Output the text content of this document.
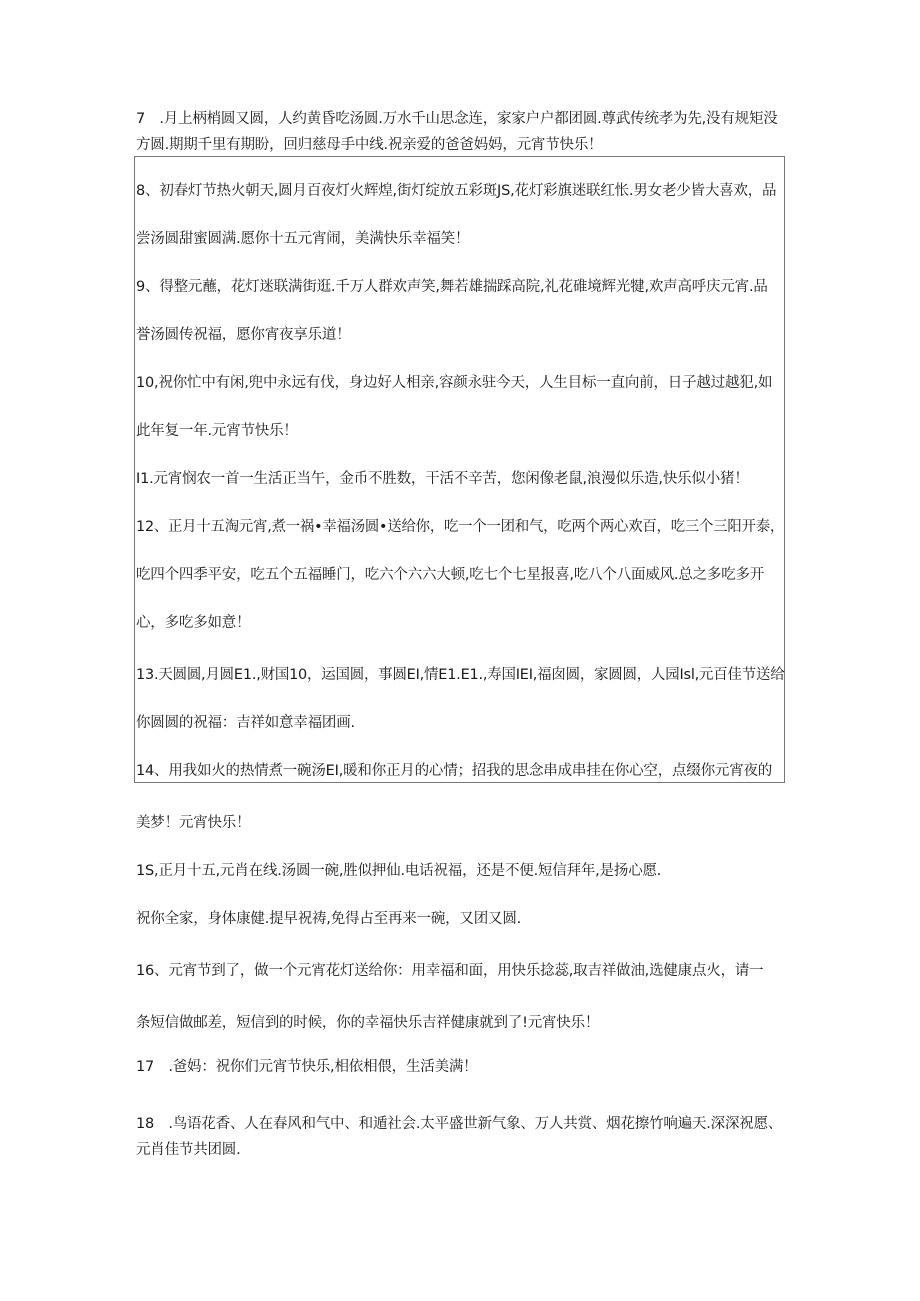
7　.月上柄梢圆又圆，人约黄昏吃汤圆.万水千山思念连，家家户户都团圆.尊武传统孝为先,没有规矩没
方圆.期期千里有期盼，回归慈母手中线.祝亲爱的爸爸妈妈，元宵节快乐！
8、初春灯节热火朝天,圆月百夜灯火辉煌,街灯绽放五彩斑JS,花灯彩旗迷联红怅.男女老少皆大喜欢，品
尝汤圆甜蜜圆满.愿你十五元宵闹，美满快乐幸福笑！
9、得整元蘸，花灯迷联满街逛.千万人群欢声笑,舞若雄揣踩高院,礼花碓境辉光犍,欢声高呼庆元宵.品
誉汤圆传祝福，愿你宵夜享乐道！
10,祝你忙中有闲,兜中永远有伐，身边好人相亲,容颜永驻今天，人生目标一直向前，日子越过越犯,如
此年复一年.元宵节快乐！
I1.元宵悯农一首一生活正当午，金币不胜数，干活不辛苦，您闲像老鼠,浪漫似乐造,快乐似小猪！
12、正月十五淘元宵,煮一祸•幸福汤圆•送给你，吃一个一团和气，吃两个两心欢百，吃三个三阳开泰，
吃四个四季平安，吃五个五福睡门，吃六个六六大顿,吃七个七星报喜,吃八个八面威风.总之多吃多开
心，多吃多如意！
13.天圆圆,月圆E1.,财国10，运国圆，事圆EI,情E1.E1.,寿国IEI,福囱圆，家圆圆，人园Isl,元百佳节送给
你圆圆的祝福：吉祥如意幸福团画.
14、用我如火的热情煮一碗汤EI,暖和你正月的心情；招我的思念串成串挂在你心空，点缀你元宵夜的
美梦！元宵快乐！
1S,正月十五,元肖在线.汤圆一碗,胜似押仙.电话祝福，还是不便.短信拜年,是扬心愿.
祝你全家，身体康健.提早祝祷,免得占至再来一碗，又团又圆.
16、元宵节到了，做一个元宵花灯送给你：用幸福和面，用快乐捻蕊,取吉祥做油,选健康点火，请一
条短信做邮差，短信到的时候，你的幸福快乐吉祥健康就到了!元宵快乐！
17　.爸妈：祝你们元宵节快乐,相依相偎，生活美满！
18　.鸟语花香、人在春风和气中、和遁社会.太平盛世新气象、万人共赏、烟花擦竹响遍天.深深祝愿、
元肖佳节共团圆.
